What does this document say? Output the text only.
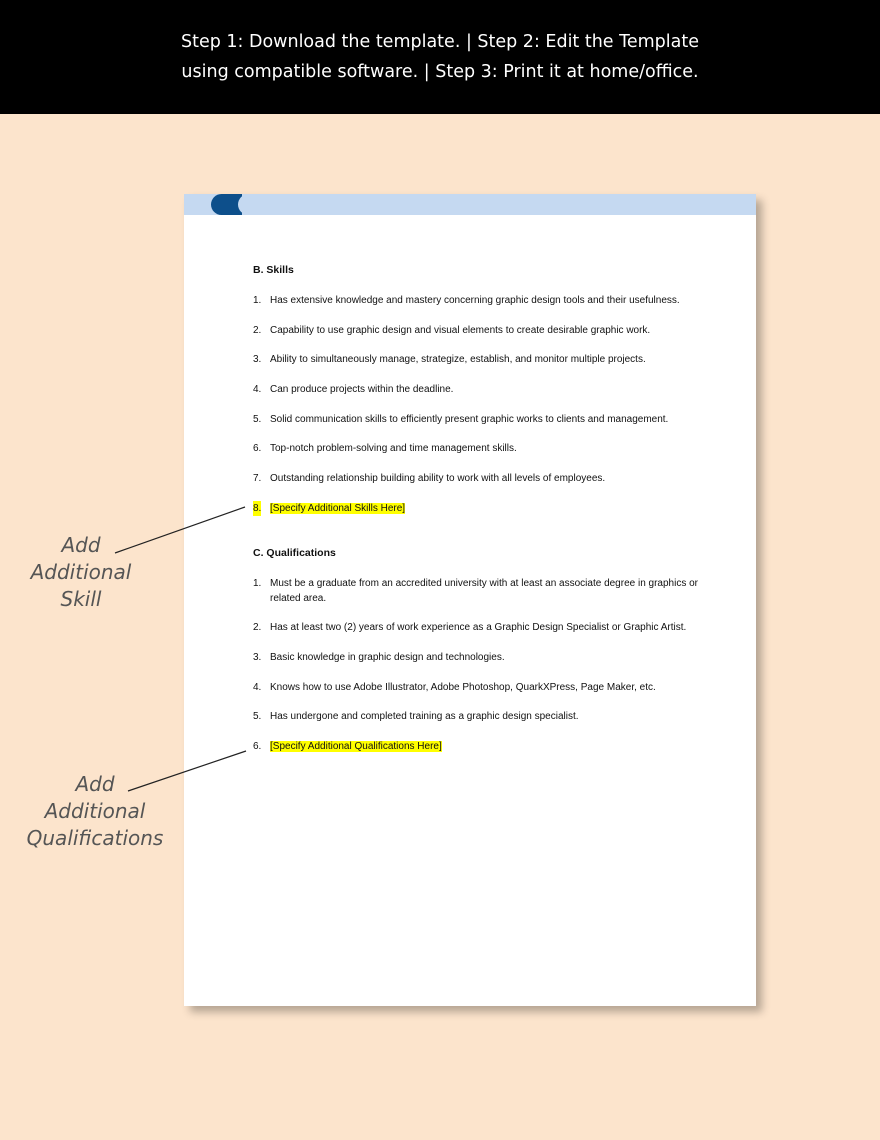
Step 1: Download the template. | Step 2: Edit the Template
using compatible software. | Step 3: Print it at home/office.
B. Skills
1. Has extensive knowledge and mastery concerning graphic design tools and their usefulness.
2. Capability to use graphic design and visual elements to create desirable graphic work.
3. Ability to simultaneously manage, strategize, establish, and monitor multiple projects.
4. Can produce projects within the deadline.
5. Solid communication skills to efficiently present graphic works to clients and management.
6. Top-notch problem-solving and time management skills.
7. Outstanding relationship building ability to work with all levels of employees.
8. [Specify Additional Skills Here]
C. Qualifications
1. Must be a graduate from an accredited university with at least an associate degree in graphics or related area.
2. Has at least two (2) years of work experience as a Graphic Design Specialist or Graphic Artist.
3. Basic knowledge in graphic design and technologies.
4. Knows how to use Adobe Illustrator, Adobe Photoshop, QuarkXPress, Page Maker, etc.
5. Has undergone and completed training as a graphic design specialist.
6. [Specify Additional Qualifications Here]
Add
Additional
Skill
Add
Additional
Qualifications
